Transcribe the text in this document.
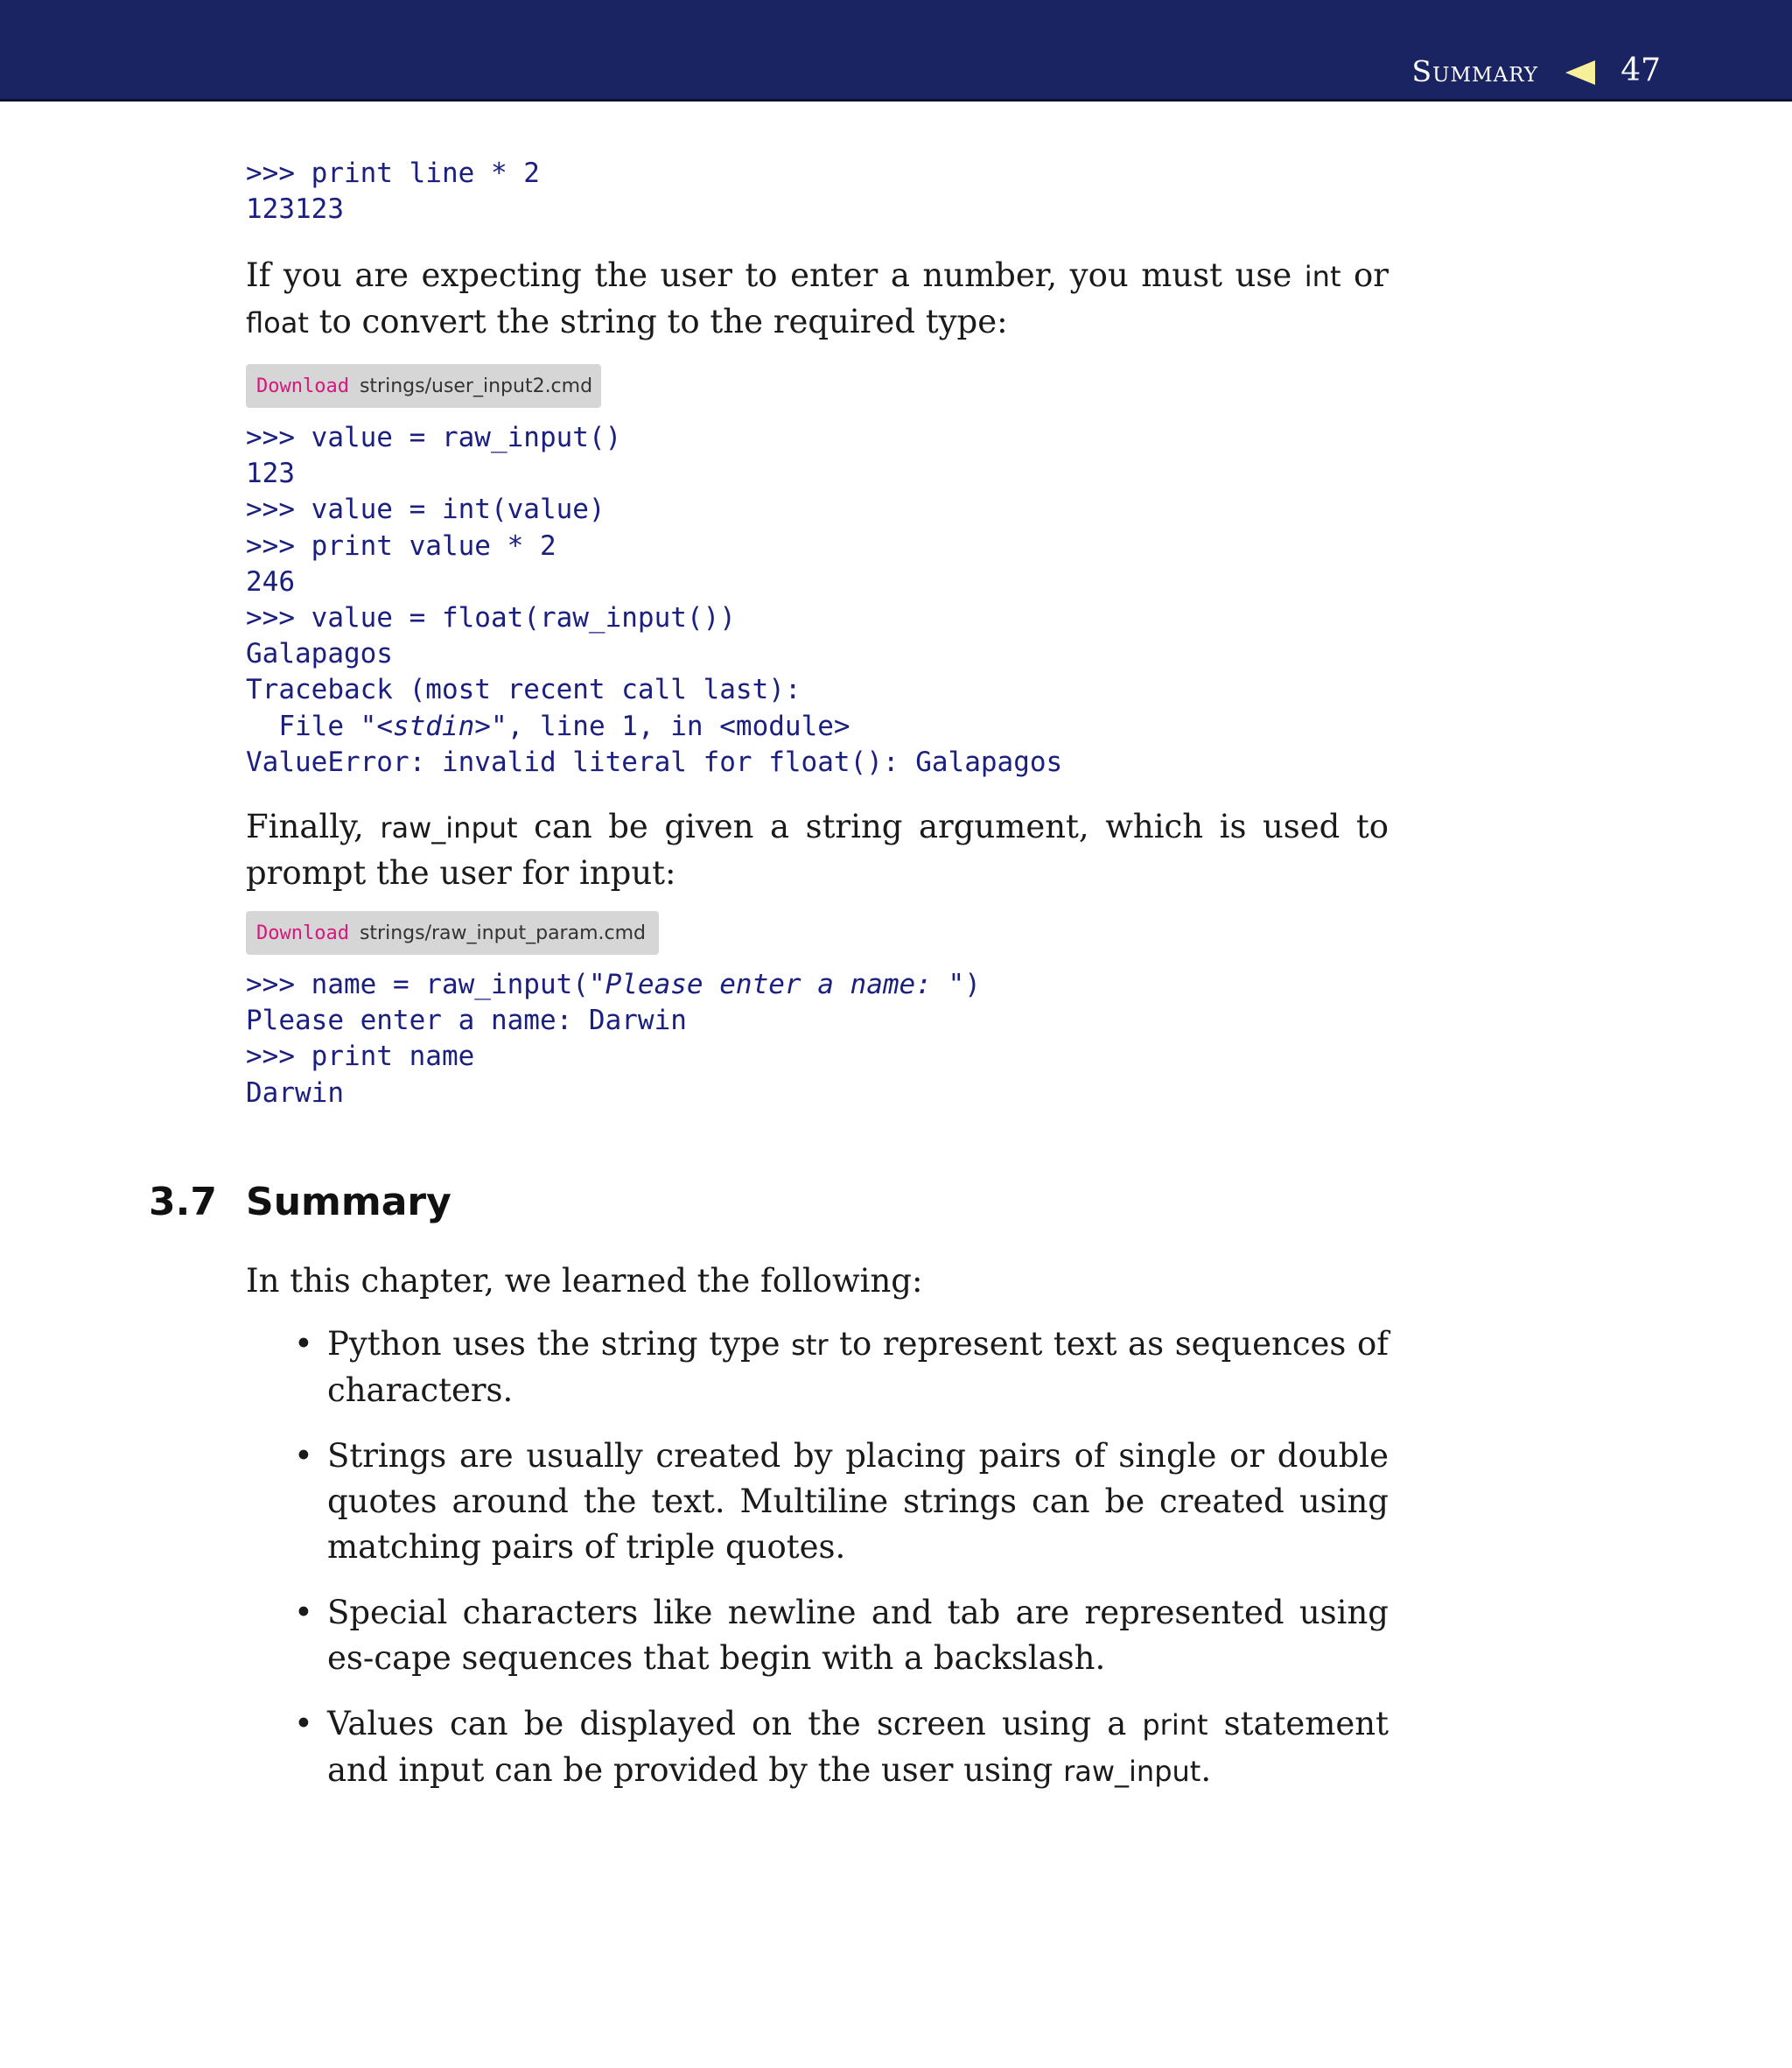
Summary	47
>>> print line * 2
123123

If you are expecting the user to enter a number, you must use int or float to convert the string to the required type:

Download strings/user_input2.cmd
>>> value = raw_input()
123
>>> value = int(value)
>>> print value * 2
246
>>> value = float(raw_input())
Galapagos
Traceback (most recent call last):
File "<stdin>", line 1, in <module>
ValueError: invalid literal for float(): Galapagos

Finally, raw_input can be given a string argument, which is used to prompt the user for input:

Download strings/raw_input_param.cmd
>>> name = raw_input("Please enter a name: ")
Please enter a name: Darwin
>>> print name
Darwin
3.7 Summary

In this chapter, we learned the following:

• Python uses the string type str to represent text as sequences of characters.
• Strings are usually created by placing pairs of single or double quotes around the text. Multiline strings can be created using matching pairs of triple quotes.
• Special characters like newline and tab are represented using es-cape sequences that begin with a backslash.
• Values can be displayed on the screen using a print statement and input can be provided by the user using raw_input.
